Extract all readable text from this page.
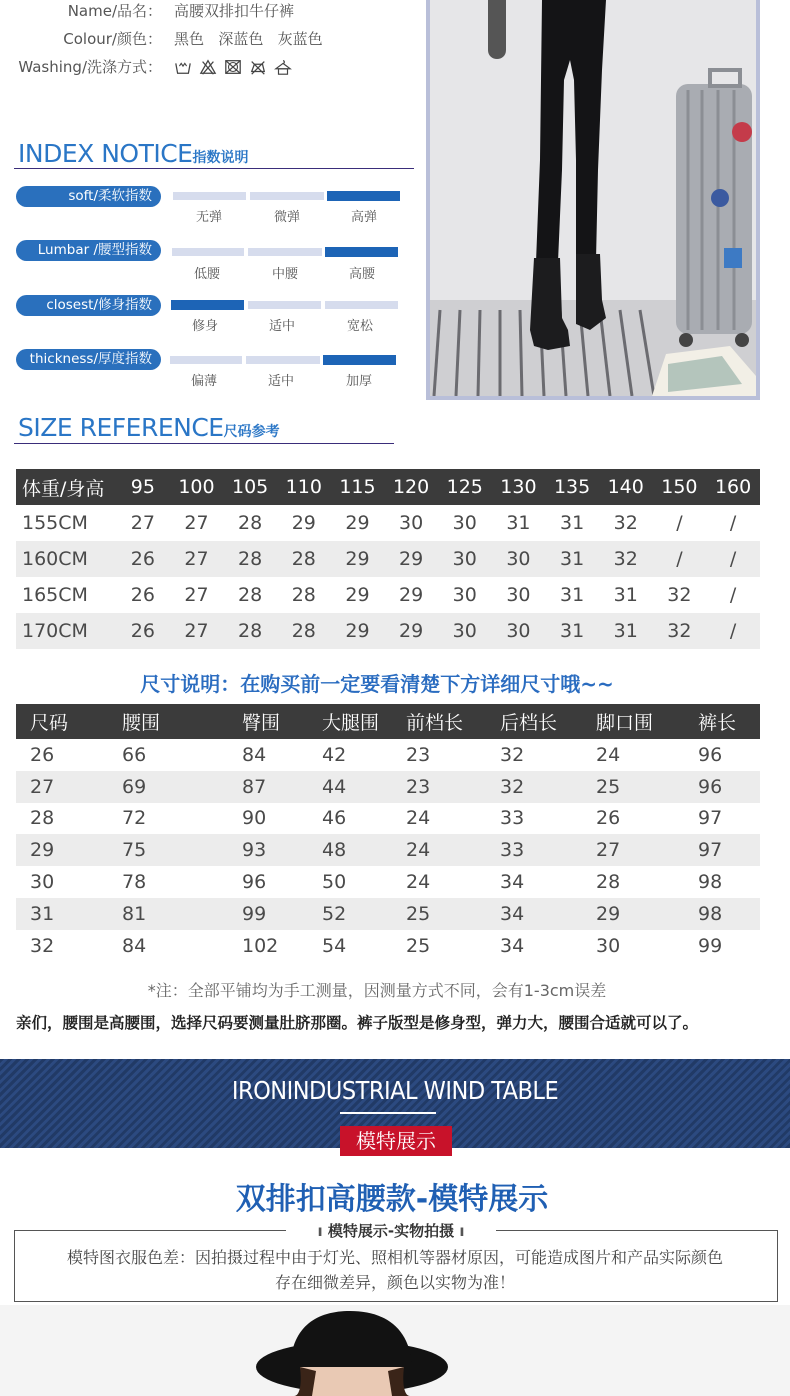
Name/品名： 高腰双排扣牛仔裤
Colour/颜色： 黑色 深蓝色 灰蓝色
Washing/洗涤方式：
INDEX NOTICE指数说明
soft/柔软指数
无弹	微弹	高弹
Lumbar /腰型指数
低腰	中腰	高腰
closest/修身指数
修身	适中	宽松
thickness/厚度指数
偏薄	适中	加厚
SIZE REFERENCE尺码参考
体重/身高	95	100	105	110	115	120	125	130	135	140	150	160
155CM	27	27	28	29	29	30	30	31	31	32	/	/
160CM	26	27	28	28	29	29	30	30	31	32	/	/
165CM	26	27	28	28	29	29	30	30	31	31	32	/
170CM	26	27	28	28	29	29	30	30	31	31	32	/
尺寸说明：在购买前一定要看清楚下方详细尺寸哦~~
尺码	腰围	臀围	大腿围	前档长	后档长	脚口围	裤长
26	66	84	42	23	32	24	96
27	69	87	44	23	32	25	96
28	72	90	46	24	33	26	97
29	75	93	48	24	33	27	97
30	78	96	50	24	34	28	98
31	81	99	52	25	34	29	98
32	84	102	54	25	34	30	99
*注：全部平铺均为手工测量，因测量方式不同，会有1-3cm误差
亲们，腰围是高腰围，选择尺码要测量肚脐那圈。裤子版型是修身型，弹力大，腰围合适就可以了。
IRONINDUSTRIAL WIND TABLE
模特展示
双排扣高腰款-模特展示
ı 模特展示-实物拍摄 ı
模特图衣服色差：因拍摄过程中由于灯光、照相机等器材原因，可能造成图片和产品实际颜色
存在细微差异，颜色以实物为准！
